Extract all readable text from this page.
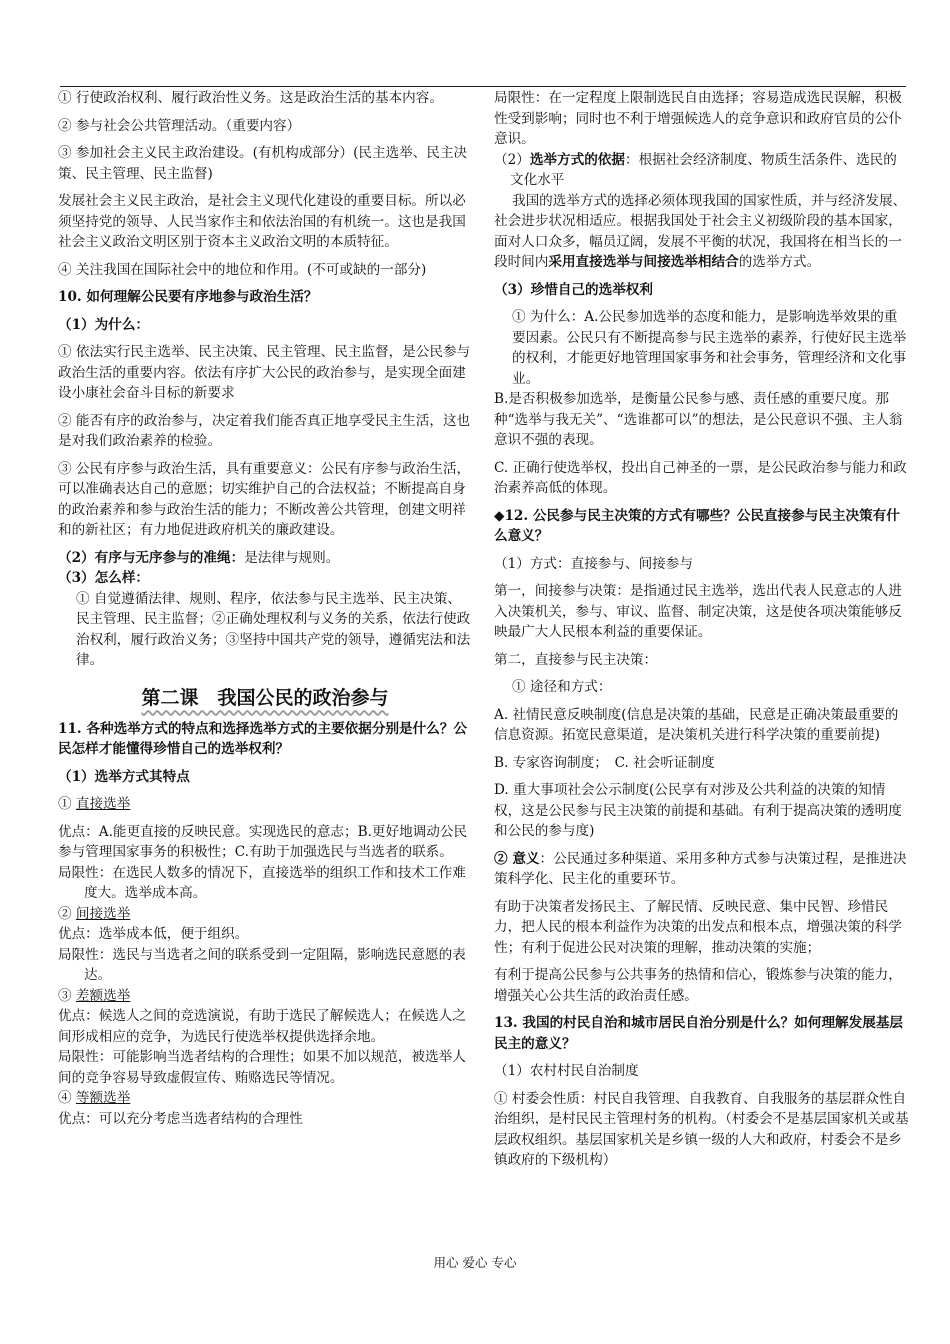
① 行使政治权利、履行政治性义务。这是政治生活的基本内容。

② 参与社会公共管理活动。（重要内容）

③ 参加社会主义民主政治建设。(有机构成部分）(民主选举、民主决策、民主管理、民主监督)

发展社会主义民主政治，是社会主义现代化建设的重要目标。所以必须坚持党的领导、人民当家作主和依法治国的有机统一。这也是我国社会主义政治文明区别于资本主义政治文明的本质特征。

④ 关注我国在国际社会中的地位和作用。(不可或缺的一部分)

10. 如何理解公民要有序地参与政治生活？

（1）为什么：

① 依法实行民主选举、民主决策、民主管理、民主监督，是公民参与政治生活的重要内容。依法有序扩大公民的政治参与，是实现全面建设小康社会奋斗目标的新要求

② 能否有序的政治参与，决定着我们能否真正地享受民主生活，这也是对我们政治素养的检验。

③ 公民有序参与政治生活，具有重要意义：公民有序参与政治生活，可以准确表达自己的意愿；切实维护自己的合法权益；不断提高自身的政治素养和参与政治生活的能力；不断改善公共管理，创建文明祥和的新社区；有力地促进政府机关的廉政建设。

（2）有序与无序参与的准绳：是法律与规则。

（3）怎么样：

① 自觉遵循法律、规则、程序，依法参与民主选举、民主决策、民主管理、民主监督；②正确处理权利与义务的关系，依法行使政治权利，履行政治义务；③坚持中国共产党的领导，遵循宪法和法律。

第二课　我国公民的政治参与

11. 各种选举方式的特点和选择选举方式的主要依据分别是什么？公民怎样才能懂得珍惜自己的选举权利？

（1）选举方式其特点

① 直接选举

优点：A.能更直接的反映民意。实现选民的意志；B.更好地调动公民参与管理国家事务的积极性；C.有助于加强选民与当选者的联系。

局限性：在选民人数多的情况下，直接选举的组织工作和技术工作难度大。选举成本高。

② 间接选举

优点：选举成本低，便于组织。

局限性：选民与当选者之间的联系受到一定阻隔，影响选民意愿的表达。

③ 差额选举

优点：候选人之间的竞选演说，有助于选民了解候选人；在候选人之间形成相应的竞争，为选民行使选举权提供选择余地。

局限性：可能影响当选者结构的合理性；如果不加以规范，被选举人间的竞争容易导致虚假宣传、贿赂选民等情况。

④ 等额选举

优点：可以充分考虑当选者结构的合理性

局限性：在一定程度上限制选民自由选择；容易造成选民误解，积极性受到影响；同时也不利于增强候选人的竞争意识和政府官员的公仆意识。

（2）选举方式的依据：根据社会经济制度、物质生活条件、选民的文化水平

我国的选举方式的选择必须体现我国的国家性质，并与经济发展、社会进步状况相适应。根据我国处于社会主义初级阶段的基本国家，面对人口众多，幅员辽阔，发展不平衡的状况，我国将在相当长的一段时间内采用直接选举与间接选举相结合的选举方式。

（3）珍惜自己的选举权利

① 为什么：A.公民参加选举的态度和能力，是影响选举效果的重要因素。公民只有不断提高参与民主选举的素养，行使好民主选举的权利，才能更好地管理国家事务和社会事务，管理经济和文化事业。

B.是否积极参加选举，是衡量公民参与感、责任感的重要尺度。那种“选举与我无关”、“选谁都可以”的想法，是公民意识不强、主人翁意识不强的表现。

C. 正确行使选举权，投出自己神圣的一票，是公民政治参与能力和政治素养高低的体现。

◆12. 公民参与民主决策的方式有哪些？公民直接参与民主决策有什么意义？

（1）方式：直接参与、间接参与

第一，间接参与决策：是指通过民主选举，选出代表人民意志的人进入决策机关，参与、审议、监督、制定决策，这是使各项决策能够反映最广大人民根本利益的重要保证。

第二，直接参与民主决策：

① 途径和方式：

A. 社情民意反映制度(信息是决策的基础，民意是正确决策最重要的信息资源。拓宽民意渠道，是决策机关进行科学决策的重要前提)

B. 专家咨询制度；　C. 社会听证制度

D. 重大事项社会公示制度(公民享有对涉及公共利益的决策的知情权，这是公民参与民主决策的前提和基础。有利于提高决策的透明度和公民的参与度)

② 意义：公民通过多种渠道、采用多种方式参与决策过程，是推进决策科学化、民主化的重要环节。

有助于决策者发扬民主、了解民情、反映民意、集中民智、珍惜民力，把人民的根本利益作为决策的出发点和根本点，增强决策的科学性；有利于促进公民对决策的理解，推动决策的实施；

有利于提高公民参与公共事务的热情和信心，锻炼参与决策的能力，增强关心公共生活的政治责任感。

13. 我国的村民自治和城市居民自治分别是什么？如何理解发展基层民主的意义？

（1）农村村民自治制度

① 村委会性质：村民自我管理、自我教育、自我服务的基层群众性自治组织，是村民民主管理村务的机构。（村委会不是基层国家机关或基层政权组织。基层国家机关是乡镇一级的人大和政府，村委会不是乡镇政府的下级机构）

用心 爱心 专心
